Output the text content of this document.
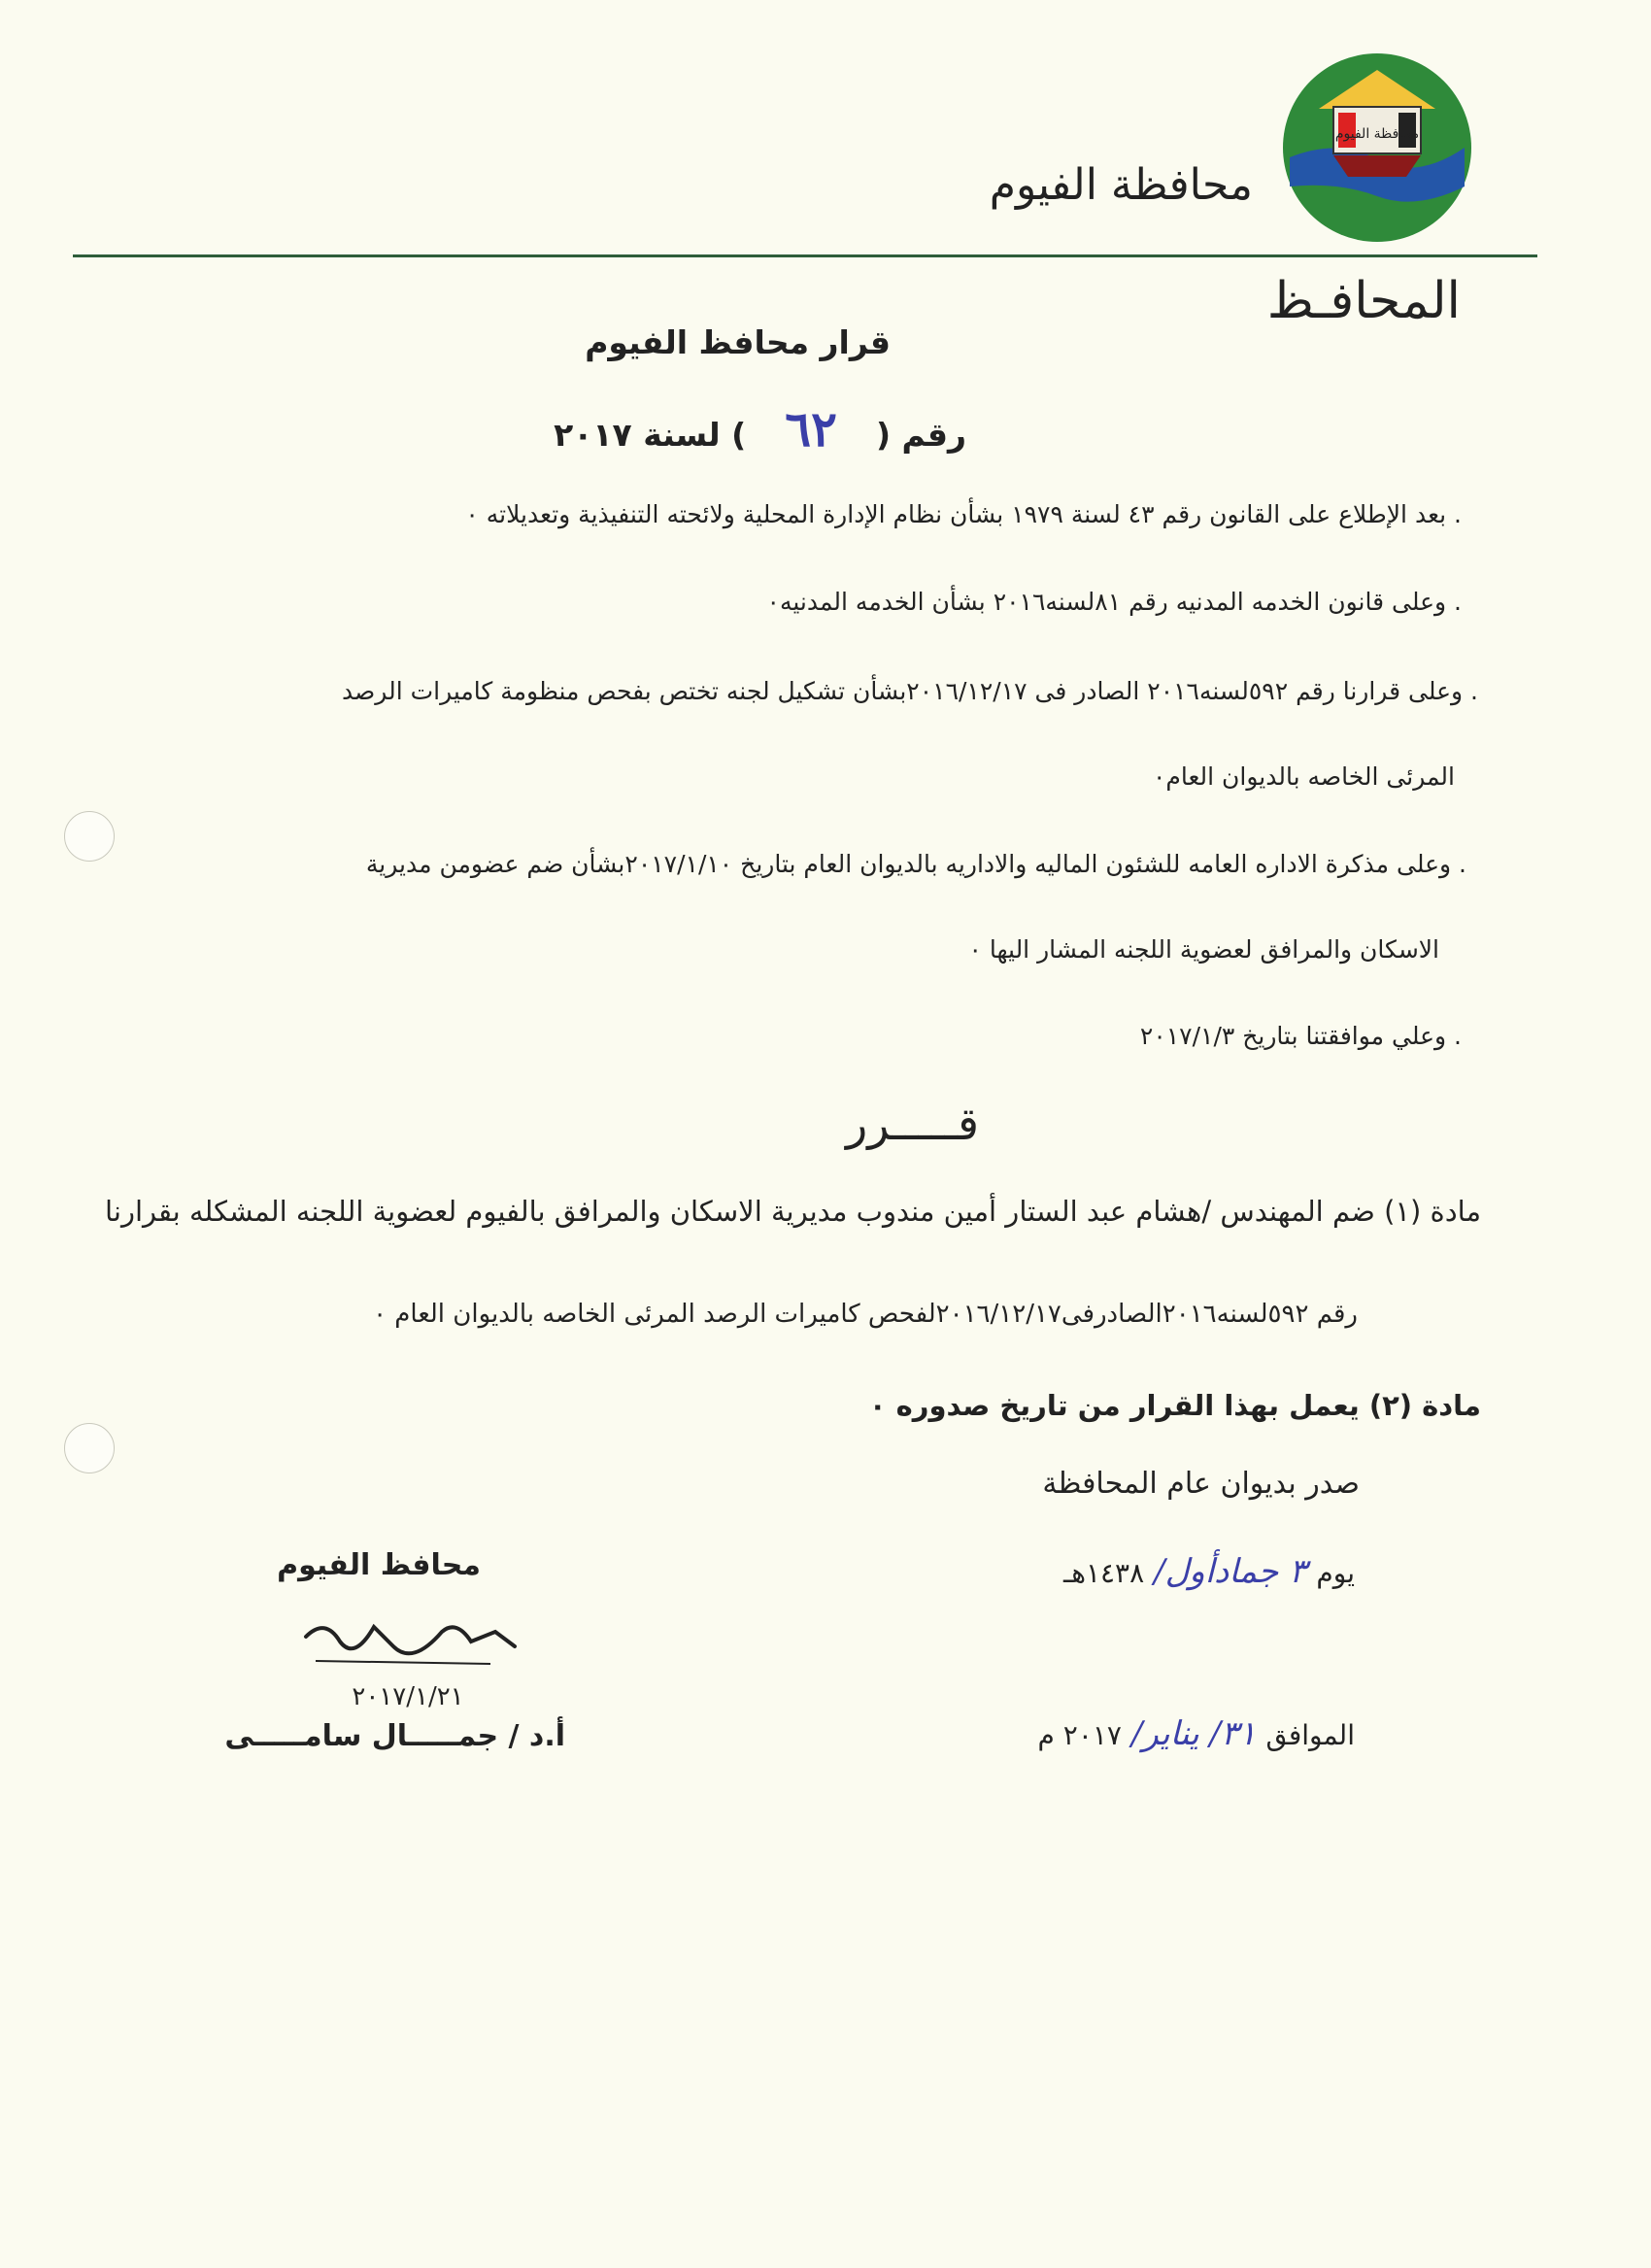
محافظة الفيوم
محافظة الفيوم
المحافـظ
قرار محافظ الفيوم
رقم (
٦٢
) لسنة ٢٠١٧
. بعد الإطلاع على القانون رقم ٤٣ لسنة ١٩٧٩ بشأن نظام الإدارة المحلية ولائحته التنفيذية وتعديلاته ٠
. وعلى قانون الخدمه المدنيه رقم ٨١لسنه٢٠١٦ بشأن الخدمه المدنيه٠
. وعلى قرارنا رقم ٥٩٢لسنه٢٠١٦ الصادر فى ٢٠١٦/١٢/١٧بشأن تشكيل لجنه تختص بفحص منظومة كاميرات الرصد
المرئى الخاصه بالديوان العام٠
. وعلى مذكرة الاداره العامه للشئون الماليه والاداريه بالديوان العام بتاريخ ٢٠١٧/١/١٠بشأن ضم عضومن مديرية
الاسكان والمرافق لعضوية اللجنه المشار اليها ٠
. وعلي موافقتنا بتاريخ ٢٠١٧/١/٣
قـــــرر
مادة (١) ضم المهندس /هشام عبد الستار أمين مندوب مديرية الاسكان والمرافق بالفيوم لعضوية اللجنه المشكله بقرارنا
رقم ٥٩٢لسنه٢٠١٦الصادرفى٢٠١٦/١٢/١٧لفحص كاميرات الرصد المرئى الخاصه بالديوان العام ٠
مادة (٢) يعمل بهذا القرار من تاريخ صدوره ٠
صدر بديوان عام المحافظة
يوم
٣ جمادأول/
١٤٣٨هـ
الموافق
٣١/ يناير/
٢٠١٧ م
محافظ الفيوم
٢٠١٧/١/٢١
أ.د / جمـــــال سامـــــى
